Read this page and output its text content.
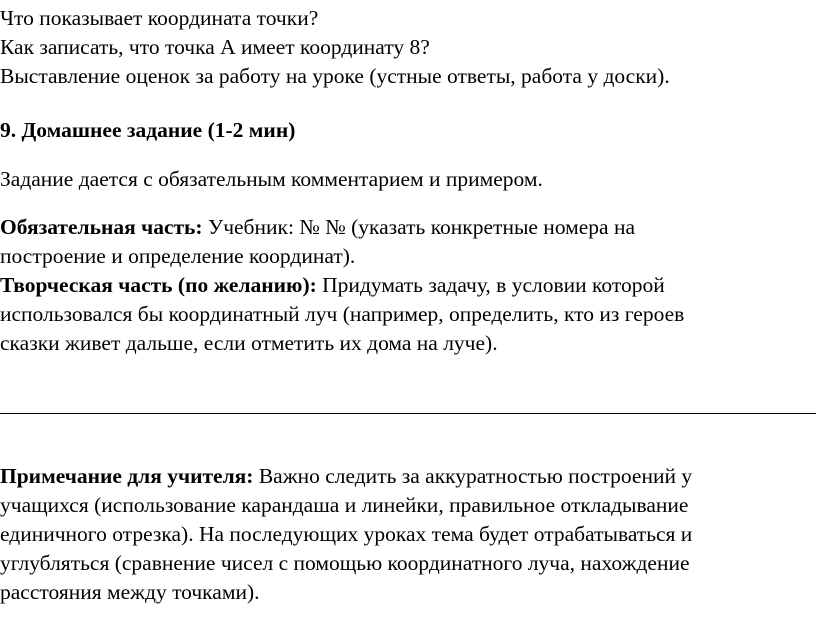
Что показывает координата точки?
Как записать, что точка А имеет координату 8?
Выставление оценок за работу на уроке (устные ответы, работа у доски).
9. Домашнее задание (1-2 мин)
Задание дается с обязательным комментарием и примером.
Обязательная часть: Учебник: № № (указать конкретные номера на
построение и определение координат).
Творческая часть (по желанию): Придумать задачу, в условии которой
использовался бы координатный луч (например, определить, кто из героев
сказки живет дальше, если отметить их дома на луче).
Примечание для учителя: Важно следить за аккуратностью построений у
учащихся (использование карандаша и линейки, правильное откладывание
единичного отрезка). На последующих уроках тема будет отрабатываться и
углубляться (сравнение чисел с помощью координатного луча, нахождение
расстояния между точками).
